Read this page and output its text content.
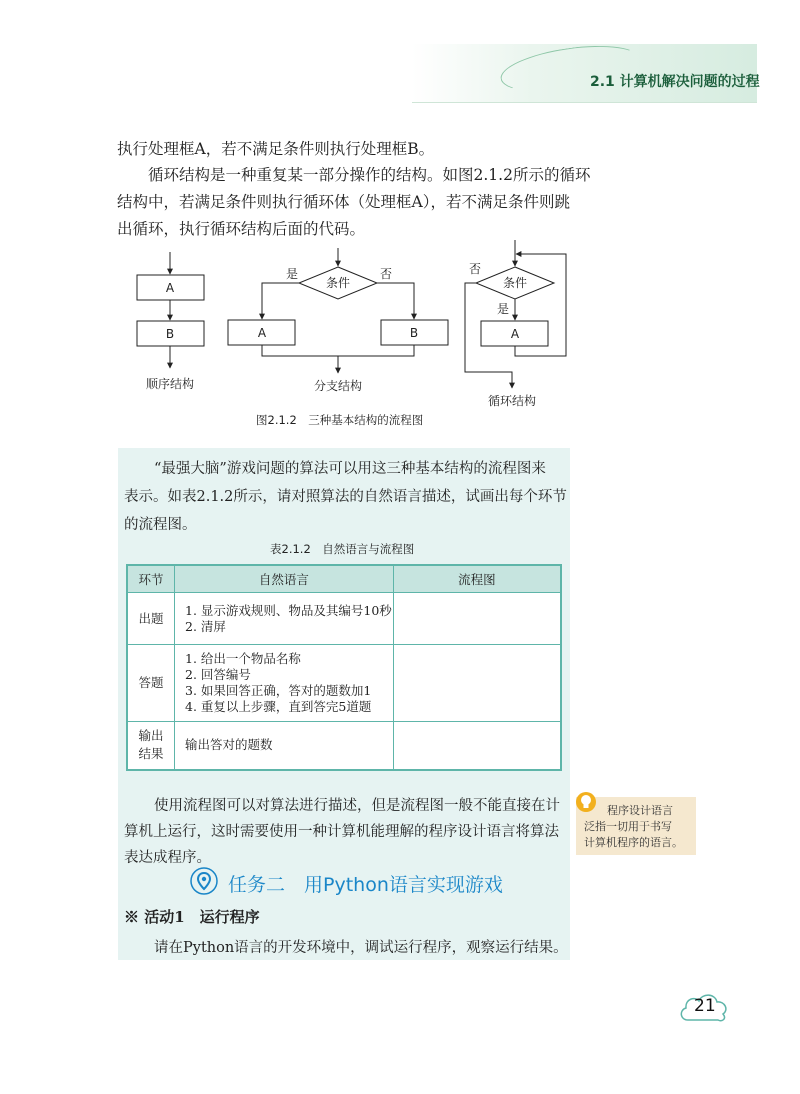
2.1 计算机解决问题的过程
执行处理框A，若不满足条件则执行处理框B。
循环结构是一种重复某一部分操作的结构。如图2.1.2所示的循环
结构中，若满足条件则执行循环体（处理框A），若不满足条件则跳
出循环，执行循环结构后面的代码。
A
B
顺序结构
条件
是	否
A	B
分支结构
条件
否
是
A
循环结构
图2.1.2　三种基本结构的流程图
“最强大脑”游戏问题的算法可以用这三种基本结构的流程图来
表示。如表2.1.2所示，请对照算法的自然语言描述，试画出每个环节
的流程图。
表2.1.2　自然语言与流程图
环节	自然语言	流程图
出题	1. 显示游戏规则、物品及其编号10秒
2. 清屏	

答题	1. 给出一个物品名称
2. 回答编号
3. 如果回答正确，答对的题数加1
4. 重复以上步骤，直到答完5道题	

输出
结果	输出答对的题数	

使用流程图可以对算法进行描述，但是流程图一般不能直接在计
算机上运行，这时需要使用一种计算机能理解的程序设计语言将算法
表达成程序。
程序设计语言
泛指一切用于书写
计算机程序的语言。
任务二　用Python语言实现游戏
※ 活动1　运行程序
请在Python语言的开发环境中，调试运行程序，观察运行结果。
21
